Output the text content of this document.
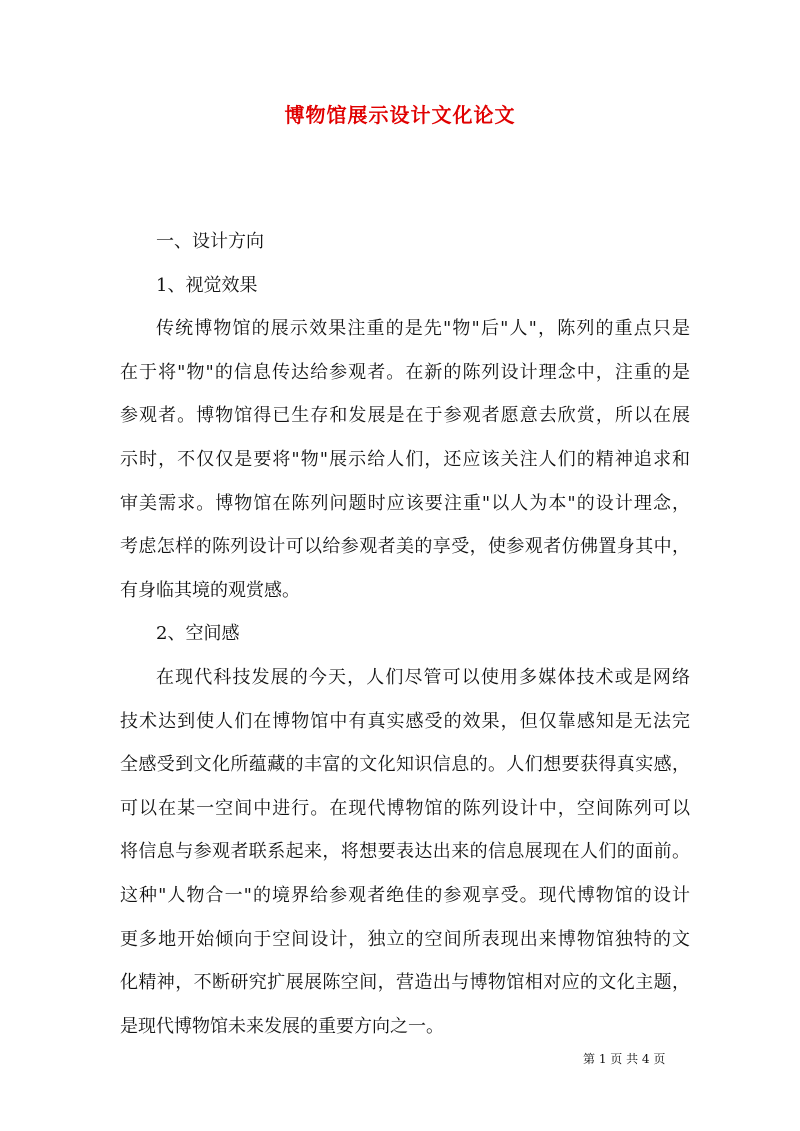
博物馆展示设计文化论文
一、设计方向
1、视觉效果
传统博物馆的展示效果注重的是先"物"后"人"，陈列的重点只是
在于将"物"的信息传达给参观者。在新的陈列设计理念中，注重的是
参观者。博物馆得已生存和发展是在于参观者愿意去欣赏，所以在展
示时，不仅仅是要将"物"展示给人们，还应该关注人们的精神追求和
审美需求。博物馆在陈列问题时应该要注重"以人为本"的设计理念，
考虑怎样的陈列设计可以给参观者美的享受，使参观者仿佛置身其中，
有身临其境的观赏感。
2、空间感
在现代科技发展的今天，人们尽管可以使用多媒体技术或是网络
技术达到使人们在博物馆中有真实感受的效果，但仅靠感知是无法完
全感受到文化所蕴藏的丰富的文化知识信息的。人们想要获得真实感，
可以在某一空间中进行。在现代博物馆的陈列设计中，空间陈列可以
将信息与参观者联系起来，将想要表达出来的信息展现在人们的面前。
这种"人物合一"的境界给参观者绝佳的参观享受。现代博物馆的设计
更多地开始倾向于空间设计，独立的空间所表现出来博物馆独特的文
化精神，不断研究扩展展陈空间，营造出与博物馆相对应的文化主题，
是现代博物馆未来发展的重要方向之一。
第 1 页 共 4 页
